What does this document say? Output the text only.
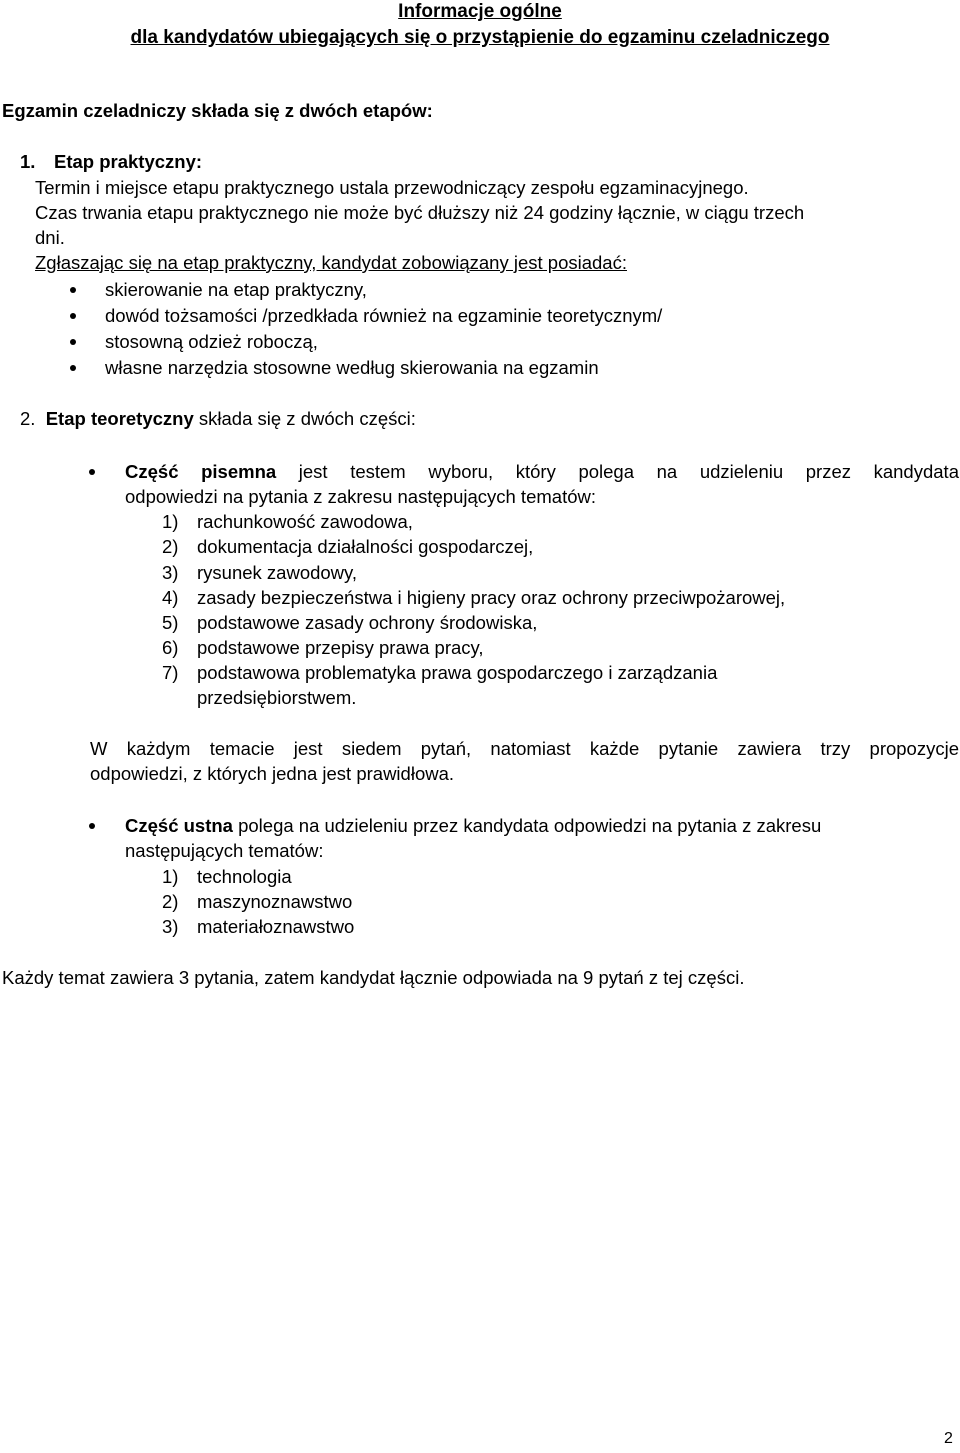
Informacje ogólne
dla kandydatów ubiegających się o przystąpienie do egzaminu czeladniczego
Egzamin czeladniczy składa się z dwóch etapów:
1. Etap praktyczny:
Termin i miejsce etapu praktycznego ustala przewodniczący zespołu egzaminacyjnego.
Czas trwania etapu praktycznego nie może być dłuższy niż 24 godziny łącznie, w ciągu trzech
dni.
Zgłaszając się na etap praktyczny, kandydat zobowiązany jest posiadać:
skierowanie na etap praktyczny,
dowód tożsamości /przedkłada również na egzaminie teoretycznym/
stosowną odzież roboczą,
własne narzędzia stosowne według skierowania na egzamin
2. Etap teoretyczny składa się z dwóch części:
Część pisemna jest testem wyboru, który polega na udzieleniu przez kandydata
odpowiedzi na pytania z zakresu następujących tematów:
1) rachunkowość zawodowa,
2) dokumentacja działalności gospodarczej,
3) rysunek zawodowy,
4) zasady bezpieczeństwa i higieny pracy oraz ochrony przeciwpożarowej,
5) podstawowe zasady ochrony środowiska,
6) podstawowe przepisy prawa pracy,
7) podstawowa problematyka prawa gospodarczego i zarządzania
przedsiębiorstwem.
W każdym temacie jest siedem pytań, natomiast każde pytanie zawiera trzy propozycje
odpowiedzi, z których jedna jest prawidłowa.
Część ustna polega na udzieleniu przez kandydata odpowiedzi na pytania z zakresu
następujących tematów:
1) technologia
2) maszynoznawstwo
3) materiałoznawstwo
Każdy temat zawiera 3 pytania, zatem kandydat łącznie odpowiada na 9 pytań z tej części.
2
